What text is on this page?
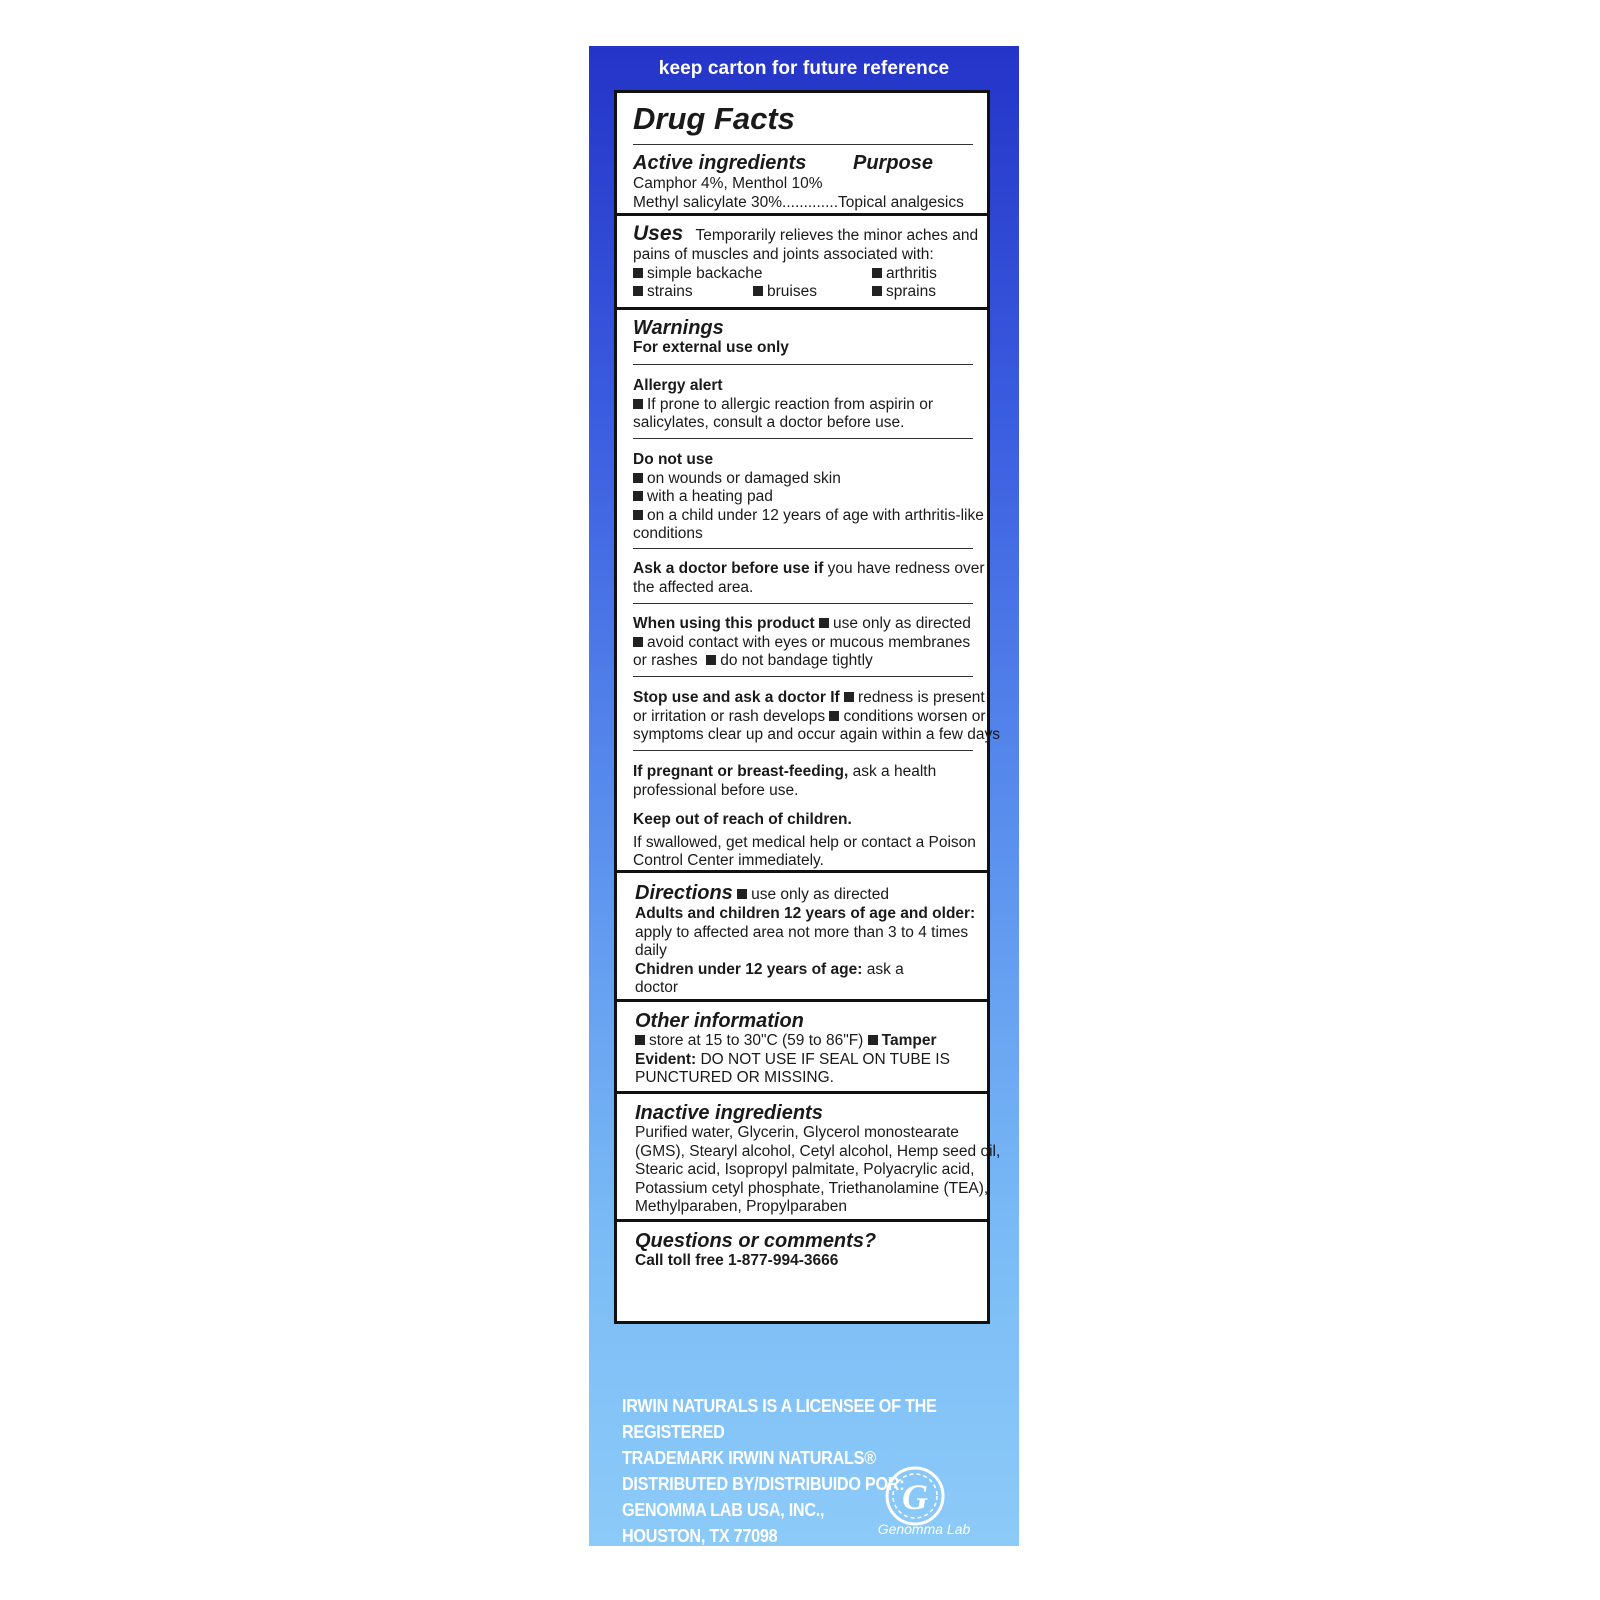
keep carton for future reference
Drug Facts
Active ingredients Purpose
Camphor 4%, Menthol 10%
Methyl salicylate 30%.............Topical analgesics
Uses Temporarily relieves the minor aches and
pains of muscles and joints associated with:
simple backache	arthritis
strains	bruises	sprains
Warnings
For external use only
Allergy alert
If prone to allergic reaction from aspirin or
salicylates, consult a doctor before use.
Do not use
on wounds or damaged skin
with a heating pad
on a child under 12 years of age with arthritis-like
conditions
Ask a doctor before use if you have redness over
the affected area.
When using this product use only as directed
avoid contact with eyes or mucous membranes
or rashes do not bandage tightly
Stop use and ask a doctor If redness is present
or irritation or rash develops conditions worsen or
symptoms clear up and occur again within a few days
If pregnant or breast-feeding, ask a health
professional before use.
Keep out of reach of children.
If swallowed, get medical help or contact a Poison
Control Center immediately.
Directions use only as directed
Adults and children 12 years of age and older:
apply to affected area not more than 3 to 4 times
daily
Chidren under 12 years of age: ask a
doctor
Other information
store at 15 to 30"C (59 to 86"F) Tamper
Evident: DO NOT USE IF SEAL ON TUBE IS
PUNCTURED OR MISSING.
Inactive ingredients
Purified water, Glycerin, Glycerol monostearate
(GMS), Stearyl alcohol, Cetyl alcohol, Hemp seed oil,
Stearic acid, Isopropyl palmitate, Polyacrylic acid,
Potassium cetyl phosphate, Triethanolamine (TEA),
Methylparaben, Propylparaben
Questions or comments?
Call toll free 1-877-994-3666
IRWIN NATURALS IS A LICENSEE OF THE REGISTERED
TRADEMARK IRWIN NATURALS®
DISTRIBUTED BY/DISTRIBUIDO POR:
GENOMMA LAB USA, INC.,
HOUSTON, TX 77098
WWW.GENOMMALAB.US
G
Genomma Lab
